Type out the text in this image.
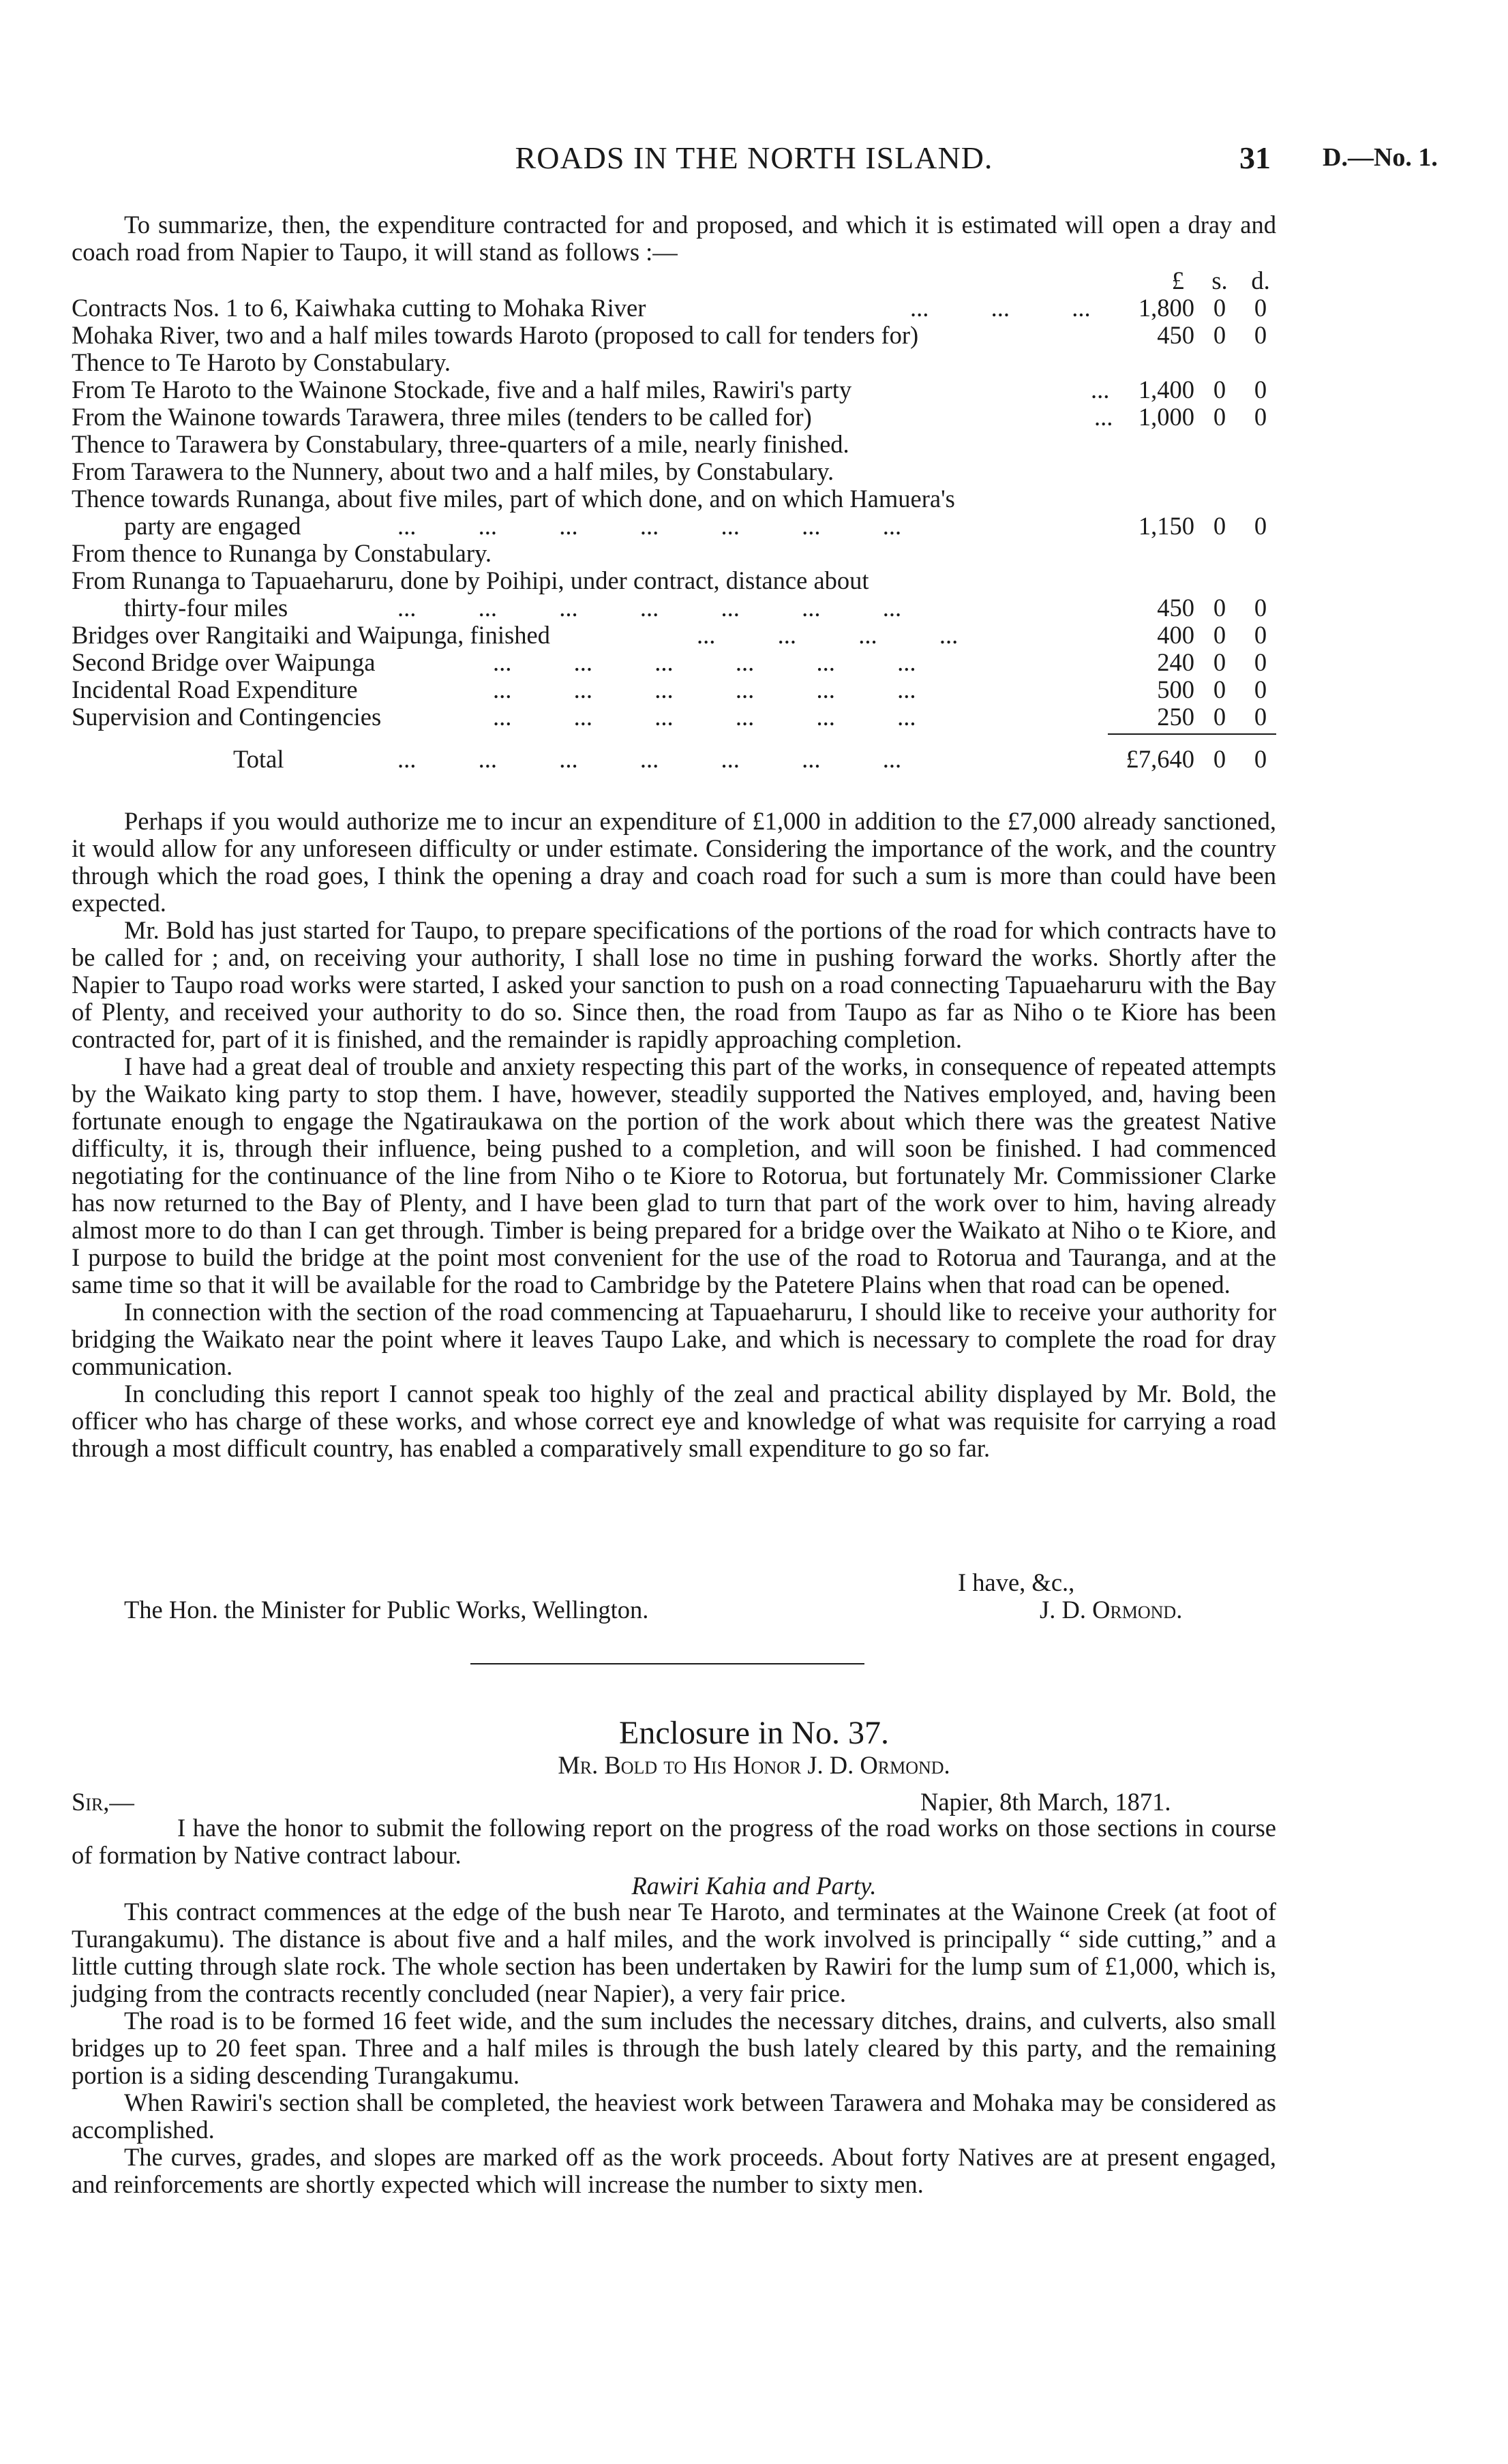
ROADS IN THE NORTH ISLAND.	31 D.—No. 1.

To summarize, then, the expenditure contracted for and proposed, and which it is estimated will open a dray and coach road from Napier to Taupo, it will stand as follows :—

£ s. d.
Contracts Nos. 1 to 6, Kaiwhaka cutting to Mohaka River	...          ...          ... 1,800 0 0
Mohaka River, two and a half miles towards Haroto (proposed to call for tenders for)	450 0 0
Thence to Te Haroto by Constabulary.
From Te Haroto to the Wainone Stockade, five and a half miles, Rawiri's party	... 1,400 0 0
From the Wainone towards Tarawera, three miles (tenders to be called for)	... 1,000 0 0
Thence to Tarawera by Constabulary, three-quarters of a mile, nearly finished.
From Tarawera to the Nunnery, about two and a half miles, by Constabulary.
Thence towards Runanga, about five miles, part of which done, and on which Hamuera's
party are engaged	...          ...          ...          ...          ...          ...          ...	1,150 0 0
From thence to Runanga by Constabulary.
From Runanga to Tapuaeharuru, done by Poihipi, under contract, distance about
thirty-four miles	...          ...          ...          ...          ...          ...          ...	450 0 0
Bridges over Rangitaiki and Waipunga, finished	...          ...          ...          ...	400 0 0
Second Bridge over Waipunga	...          ...          ...          ...          ...          ...	240 0 0
Incidental Road Expenditure	...          ...          ...          ...          ...          ...	500 0 0
Supervision and Contingencies	...          ...          ...          ...          ...          ...	250 0 0
Total	...          ...          ...          ...          ...          ...          ...	£7,640 0 0

Perhaps if you would authorize me to incur an expenditure of £1,000 in addition to the £7,000 already sanctioned, it would allow for any unforeseen difficulty or under estimate. Considering the importance of the work, and the country through which the road goes, I think the opening a dray and coach road for such a sum is more than could have been expected.

Mr. Bold has just started for Taupo, to prepare specifications of the portions of the road for which contracts have to be called for ; and, on receiving your authority, I shall lose no time in pushing forward the works. Shortly after the Napier to Taupo road works were started, I asked your sanction to push on a road connecting Tapuaeharuru with the Bay of Plenty, and received your authority to do so. Since then, the road from Taupo as far as Niho o te Kiore has been contracted for, part of it is finished, and the remainder is rapidly approaching completion.

I have had a great deal of trouble and anxiety respecting this part of the works, in consequence of repeated attempts by the Waikato king party to stop them. I have, however, steadily supported the Natives employed, and, having been fortunate enough to engage the Ngatiraukawa on the portion of the work about which there was the greatest Native difficulty, it is, through their influence, being pushed to a completion, and will soon be finished. I had commenced negotiating for the continuance of the line from Niho o te Kiore to Rotorua, but fortunately Mr. Commissioner Clarke has now returned to the Bay of Plenty, and I have been glad to turn that part of the work over to him, having already almost more to do than I can get through. Timber is being prepared for a bridge over the Waikato at Niho o te Kiore, and I purpose to build the bridge at the point most convenient for the use of the road to Rotorua and Tauranga, and at the same time so that it will be available for the road to Cambridge by the Patetere Plains when that road can be opened.

In connection with the section of the road commencing at Tapuaeharuru, I should like to receive your authority for bridging the Waikato near the point where it leaves Taupo Lake, and which is necessary to complete the road for dray communication.

In concluding this report I cannot speak too highly of the zeal and practical ability displayed by Mr. Bold, the officer who has charge of these works, and whose correct eye and knowledge of what was requisite for carrying a road through a most difficult country, has enabled a comparatively small expenditure to go so far.

I have, &c.,
The Hon. the Minister for Public Works, Wellington.	J. D. Ormond.
Enclosure in No. 37.
Mr. Bold to His Honor J. D. Ormond.
Sir,—	Napier, 8th March, 1871.

I have the honor to submit the following report on the progress of the road works on those sections in course of formation by Native contract labour.

Rawiri Kahia and Party.

This contract commences at the edge of the bush near Te Haroto, and terminates at the Wainone Creek (at foot of Turangakumu). The distance is about five and a half miles, and the work involved is principally “ side cutting,” and a little cutting through slate rock. The whole section has been undertaken by Rawiri for the lump sum of £1,000, which is, judging from the contracts recently concluded (near Napier), a very fair price.

The road is to be formed 16 feet wide, and the sum includes the necessary ditches, drains, and culverts, also small bridges up to 20 feet span. Three and a half miles is through the bush lately cleared by this party, and the remaining portion is a siding descending Turangakumu.

When Rawiri's section shall be completed, the heaviest work between Tarawera and Mohaka may be considered as accomplished.

The curves, grades, and slopes are marked off as the work proceeds. About forty Natives are at present engaged, and reinforcements are shortly expected which will increase the number to sixty men.
